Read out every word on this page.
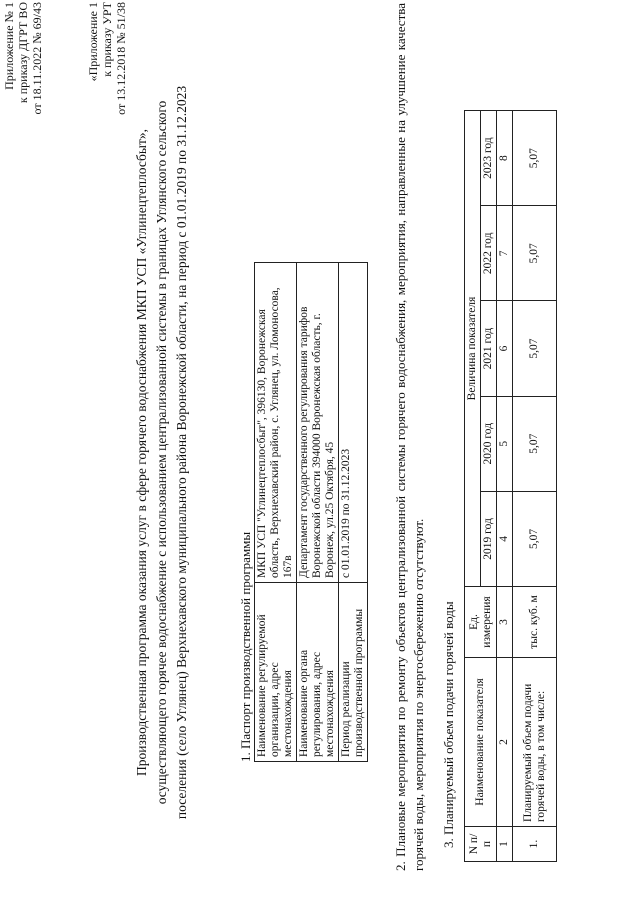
Приложение № 1 к приказу ДГРТ ВО от 18.11.2022 № 69/43	«Приложение 1 к приказу УРТ от 13.12.2018 № 51/38
Производственная программа оказания услуг в сфере горячего водоснабжения МКП УСП «Углинецтеплосбыт», осуществляющего горячее водоснабжение с использованием централизованной системы в границах Углянского сельского поселения (село Углянец) Верхнехавского муниципального района Воронежской области, на период с 01.01.2019 по 31.12.2023	1. Паспорт производственной программы Наименование регулируемой организации, адрес местонахождения	МКП УСП "Углинецтеплосбыт", 396130, Воронежская область, Верхнехавский район, с. Углянец, ул. Ломоносова, 167в
Наименование органа регулирования, адрес местонахождения	Департамент государственного регулирования тарифов Воронежской области 394000 Воронежская область, г. Воронеж, ул.25 Октября, 45
Период реализации производственной программы	с 01.01.2019 по 31.12.2023	2. Плановые мероприятия по ремонту объектов централизованной системы горячего водоснабжения, мероприятия, направленные на улучшение качества горячей воды, мероприятия по энергосбережению отсутствуют. 3. Планируемый объем подачи горячей воды N п/п	Наименование показателя	Ед. измерения	Величина показателя				
			2019 год	2020 год	2021 год	2022 год	2023 год
1	2	3	4	5	6	7	8
1.	Планируемый объем подачи горячей воды, в том числе:	тыс. куб. м	5,07	5,07	5,07	5,07	5,07
